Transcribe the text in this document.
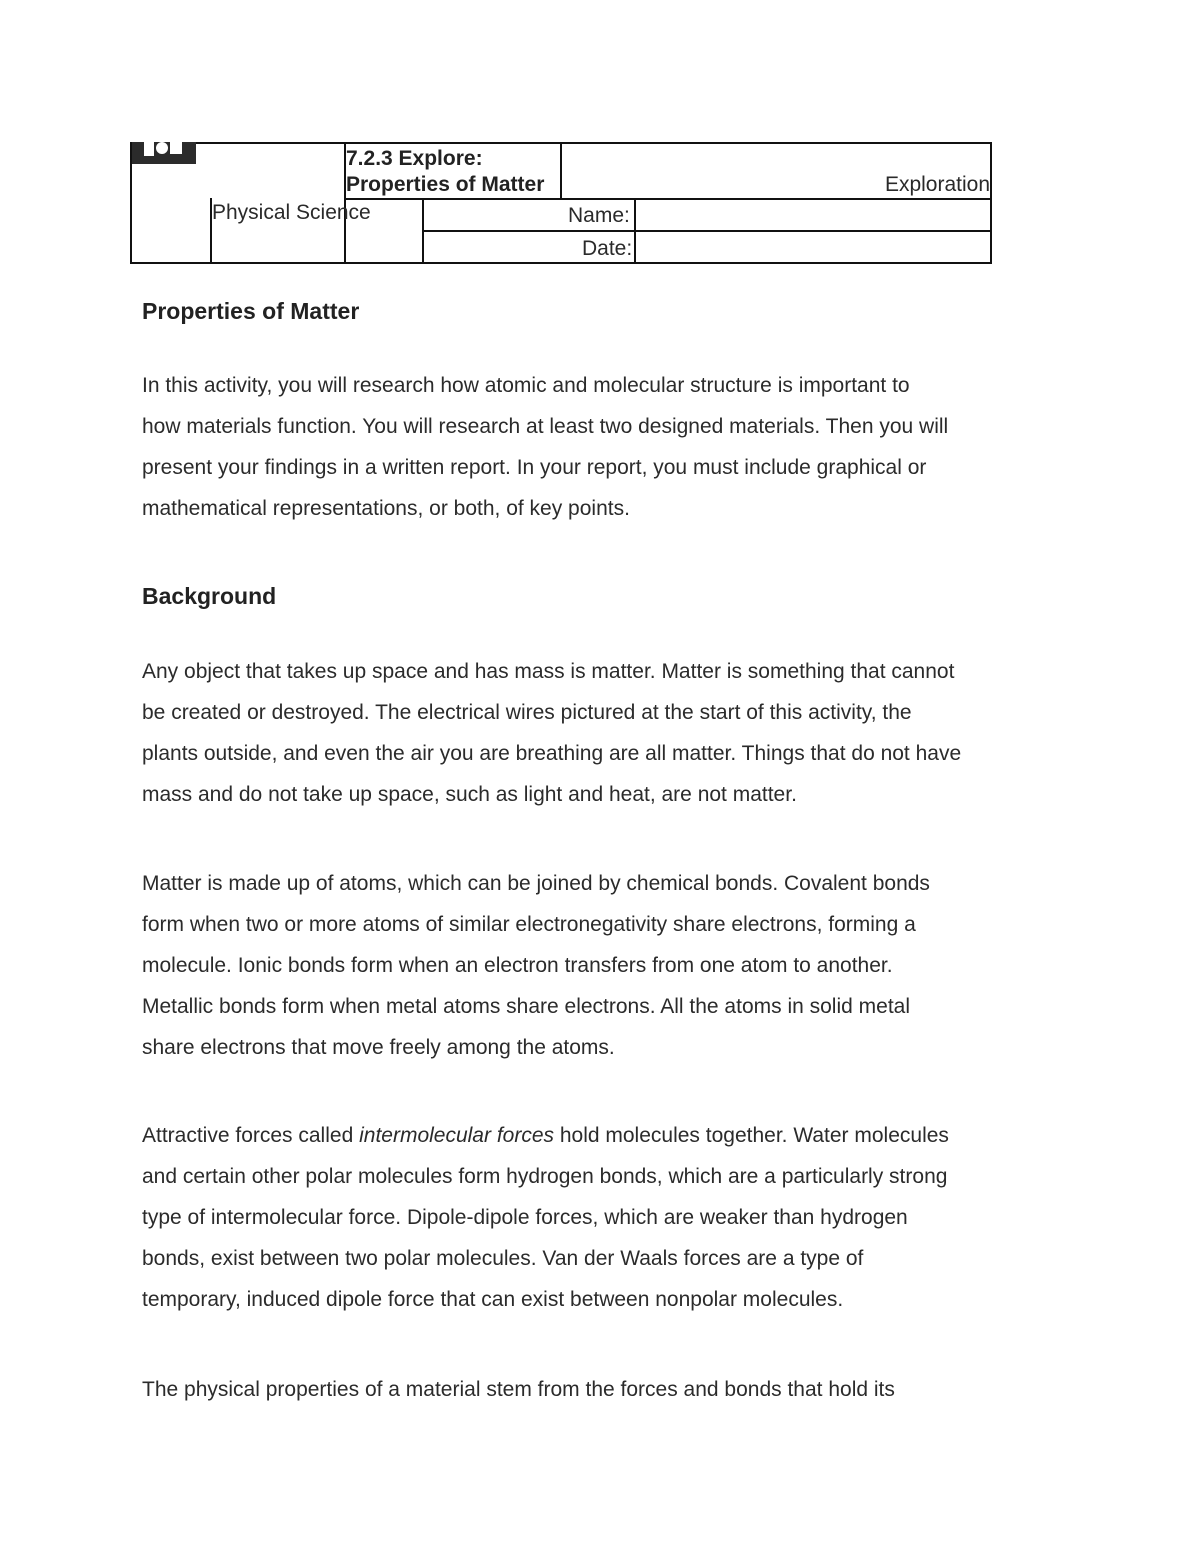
7.2.3 Explore:
Properties of Matter	Exploration
Physical Science	Name:
Date:
Properties of Matter
In this activity, you will research how atomic and molecular structure is important to
how materials function. You will research at least two designed materials. Then you will
present your findings in a written report. In your report, you must include graphical or
mathematical representations, or both, of key points.
Background
Any object that takes up space and has mass is matter. Matter is something that cannot
be created or destroyed. The electrical wires pictured at the start of this activity, the
plants outside, and even the air you are breathing are all matter. Things that do not have
mass and do not take up space, such as light and heat, are not matter.
Matter is made up of atoms, which can be joined by chemical bonds. Covalent bonds
form when two or more atoms of similar electronegativity share electrons, forming a
molecule. Ionic bonds form when an electron transfers from one atom to another.
Metallic bonds form when metal atoms share electrons. All the atoms in solid metal
share electrons that move freely among the atoms.
Attractive forces called intermolecular forces hold molecules together. Water molecules
and certain other polar molecules form hydrogen bonds, which are a particularly strong
type of intermolecular force. Dipole-dipole forces, which are weaker than hydrogen
bonds, exist between two polar molecules. Van der Waals forces are a type of
temporary, induced dipole force that can exist between nonpolar molecules.
The physical properties of a material stem from the forces and bonds that hold its
